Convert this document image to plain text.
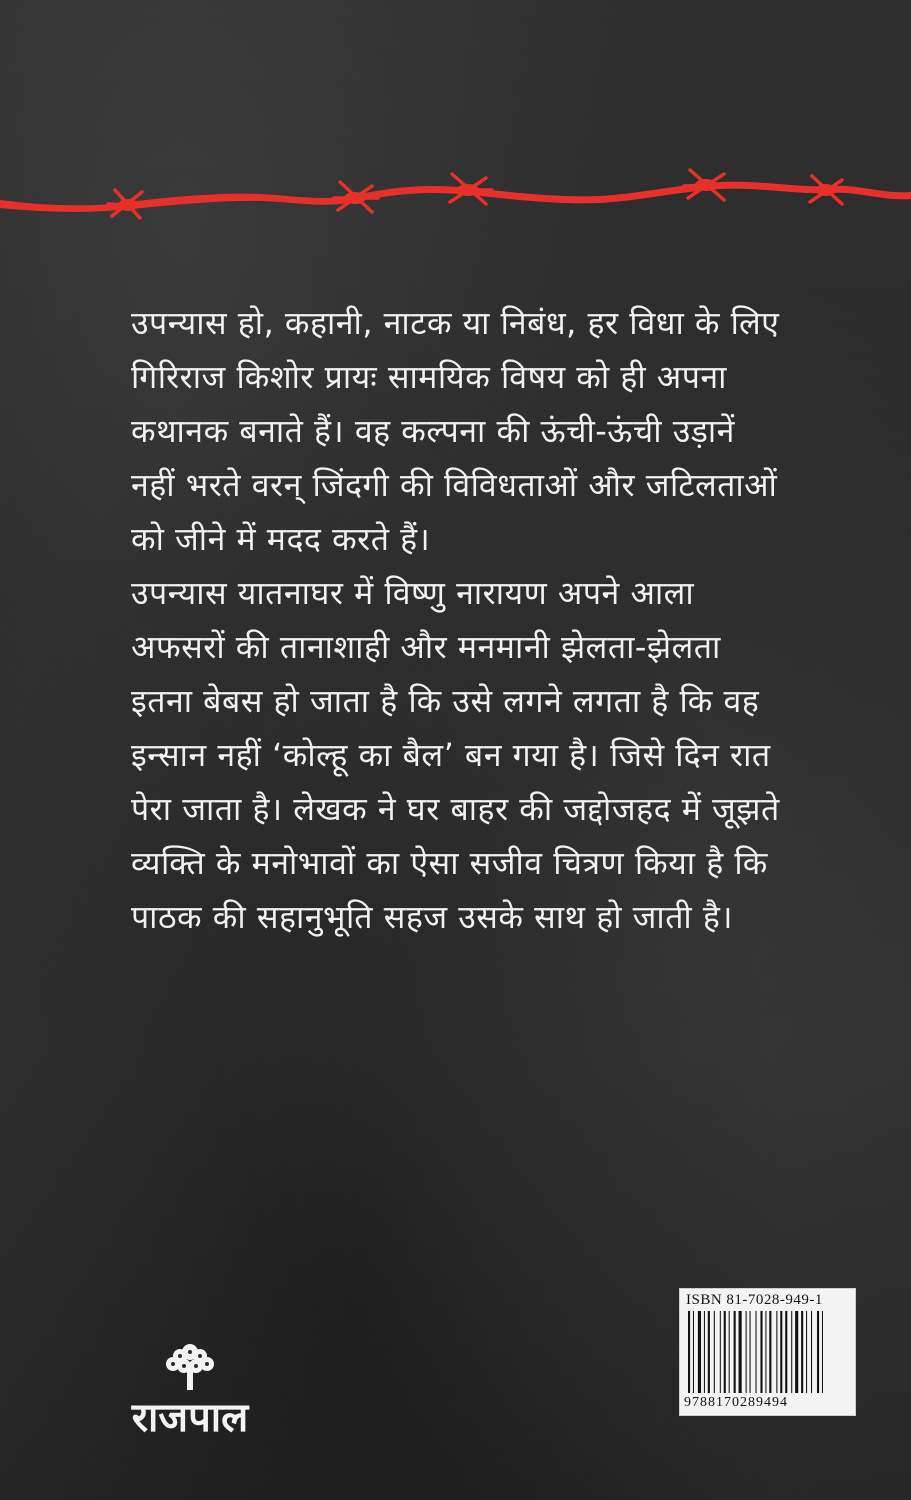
उपन्यास हो, कहानी, नाटक या निबंध, हर विधा के लिए गिरिराज किशोर प्रायः सामयिक विषय को ही अपना कथानक बनाते हैं। वह कल्पना की ऊंची-ऊंची उड़ानें नहीं भरते वरन् जिंदगी की विविधताओं और जटिलताओं को जीने में मदद करते हैं।

उपन्यास यातनाघर में विष्णु नारायण अपने आला अफसरों की तानाशाही और मनमानी झेलता-झेलता इतना बेबस हो जाता है कि उसे लगने लगता है कि वह इन्सान नहीं ‘कोल्हू का बैल’ बन गया है। जिसे दिन रात पेरा जाता है। लेखक ने घर बाहर की जद्दोजहद में जूझते व्यक्ति के मनोभावों का ऐसा सजीव चित्रण किया है कि पाठक की सहानुभूति सहज उसके साथ हो जाती है।

राजपाल
ISBN 81-7028-949-1
9788170289494
